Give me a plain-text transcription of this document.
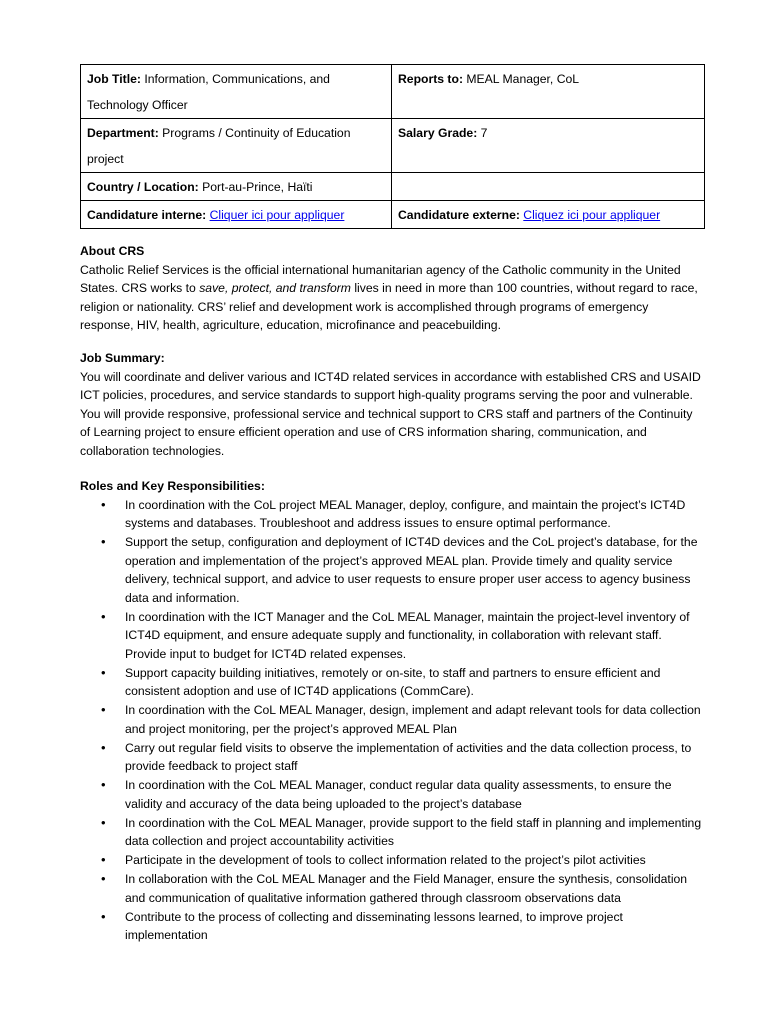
Job Title: Information, Communications, and Technology Officer	Reports to: MEAL Manager, CoL
Department: Programs / Continuity of Education project	Salary Grade: 7
Country / Location: Port-au-Prince, Haïti	
Candidature interne: Cliquer ici pour appliquer	Candidature externe: Cliquez ici pour appliquer
About CRS

Catholic Relief Services is the official international humanitarian agency of the Catholic community in the United States. CRS works to save, protect, and transform lives in need in more than 100 countries, without regard to race, religion or nationality. CRS’ relief and development work is accomplished through programs of emergency response, HIV, health, agriculture, education, microfinance and peacebuilding.

Job Summary:

You will coordinate and deliver various and ICT4D related services in accordance with established CRS and USAID ICT policies, procedures, and service standards to support high-quality programs serving the poor and vulnerable. You will provide responsive, professional service and technical support to CRS staff and partners of the Continuity of Learning project to ensure efficient operation and use of CRS information sharing, communication, and collaboration technologies.

Roles and Key Responsibilities:
• In coordination with the CoL project MEAL Manager, deploy, configure, and maintain the project’s ICT4D systems and databases. Troubleshoot and address issues to ensure optimal performance.
• Support the setup, configuration and deployment of ICT4D devices and the CoL project’s database, for the operation and implementation of the project’s approved MEAL plan. Provide timely and quality service delivery, technical support, and advice to user requests to ensure proper user access to agency business data and information.
• In coordination with the ICT Manager and the CoL MEAL Manager, maintain the project-level inventory of ICT4D equipment, and ensure adequate supply and functionality, in collaboration with relevant staff. Provide input to budget for ICT4D related expenses.
• Support capacity building initiatives, remotely or on-site, to staff and partners to ensure efficient and consistent adoption and use of ICT4D applications (CommCare).
• In coordination with the CoL MEAL Manager, design, implement and adapt relevant tools for data collection and project monitoring, per the project’s approved MEAL Plan
• Carry out regular field visits to observe the implementation of activities and the data collection process, to provide feedback to project staff
• In coordination with the CoL MEAL Manager, conduct regular data quality assessments, to ensure the validity and accuracy of the data being uploaded to the project’s database
• In coordination with the CoL MEAL Manager, provide support to the field staff in planning and implementing data collection and project accountability activities
• Participate in the development of tools to collect information related to the project’s pilot activities
• In collaboration with the CoL MEAL Manager and the Field Manager, ensure the synthesis, consolidation and communication of qualitative information gathered through classroom observations data
• Contribute to the process of collecting and disseminating lessons learned, to improve project implementation
